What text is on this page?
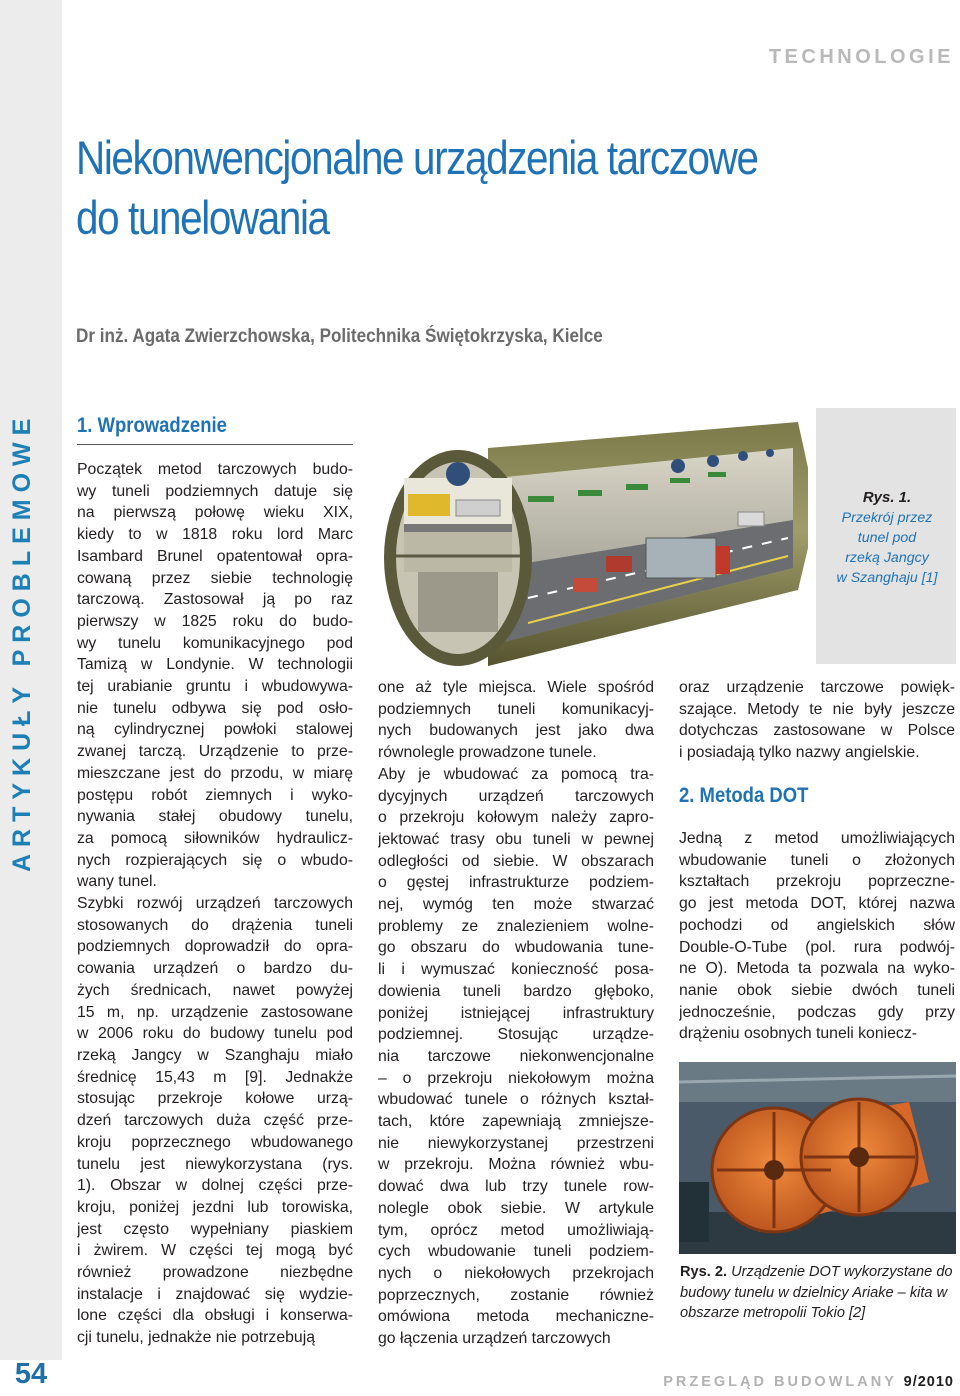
ARTYKUŁY PROBLEMOWE
54
TECHNOLOGIE
Niekonwencjonalne urządzenia tarczowe
do tunelowania
Dr inż. Agata Zwierzchowska, Politechnika Świętokrzyska, Kielce
1. Wprowadzenie
Początek metod tarczowych budo-
wy tuneli podziemnych datuje się
na pierwszą połowę wieku XIX,
kiedy to w 1818 roku lord Marc
Isambard Brunel opatentował opra-
cowaną przez siebie technologię
tarczową. Zastosował ją po raz
pierwszy w 1825 roku do budo-
wy tunelu komunikacyjnego pod
Tamizą w Londynie. W technologii
tej urabianie gruntu i wbudowywa-
nie tunelu odbywa się pod osło-
ną cylindrycznej powłoki stalowej
zwanej tarczą. Urządzenie to prze-
mieszczane jest do przodu, w miarę
postępu robót ziemnych i wyko-
nywania stałej obudowy tunelu,
za pomocą siłowników hydraulicz-
nych rozpierających się o wbudo-
wany tunel.
Szybki rozwój urządzeń tarczowych
stosowanych do drążenia tuneli
podziemnych doprowadził do opra-
cowania urządzeń o bardzo du-
żych średnicach, nawet powyżej
15 m, np. urządzenie zastosowane
w 2006 roku do budowy tunelu pod
rzeką Jangcy w Szanghaju miało
średnicę 15,43 m [9]. Jednakże
stosując przekroje kołowe urzą-
dzeń tarczowych duża część prze-
kroju poprzecznego wbudowanego
tunelu jest niewykorzystana (rys.
1). Obszar w dolnej części prze-
kroju, poniżej jezdni lub torowiska,
jest często wypełniany piaskiem
i żwirem. W części tej mogą być
również prowadzone niezbędne
instalacje i znajdować się wydzie-
lone części dla obsługi i konserwa-
cji tunelu, jednakże nie potrzebują
Rys. 1.
Przekrój przez
tunel pod
rzeką Jangcy
w Szanghaju [1]
one aż tyle miejsca. Wiele spośród
podziemnych tuneli komunikacyj-
nych budowanych jest jako dwa
równolegle prowadzone tunele.
Aby je wbudować za pomocą tra-
dycyjnych urządzeń tarczowych
o przekroju kołowym należy zapro-
jektować trasy obu tuneli w pewnej
odległości od siebie. W obszarach
o gęstej infrastrukturze podziem-
nej, wymóg ten może stwarzać
problemy ze znalezieniem wolne-
go obszaru do wbudowania tune-
li i wymuszać konieczność posa-
dowienia tuneli bardzo głęboko,
poniżej istniejącej infrastruktury
podziemnej. Stosując urządze-
nia tarczowe niekonwencjonalne
– o przekroju niekołowym można
wbudować tunele o różnych kształ-
tach, które zapewniają zmniejsze-
nie niewykorzystanej przestrzeni
w przekroju. Można również wbu-
dować dwa lub trzy tunele row-
nolegle obok siebie. W artykule
tym, oprócz metod umożliwiają-
cych wbudowanie tuneli podziem-
nych o niekołowych przekrojach
poprzecznych, zostanie również
omówiona metoda mechaniczne-
go łączenia urządzeń tarczowych
oraz urządzenie tarczowe powięk-
szające. Metody te nie były jeszcze
dotychczas zastosowane w Polsce
i posiadają tylko nazwy angielskie.
2. Metoda DOT
Jedną z metod umożliwiających
wbudowanie tuneli o złożonych
kształtach przekroju poprzeczne-
go jest metoda DOT, której nazwa
pochodzi od angielskich słów
Double-O-Tube (pol. rura podwój-
ne O). Metoda ta pozwala na wyko-
nanie obok siebie dwóch tuneli
jednocześnie, podczas gdy przy
drążeniu osobnych tuneli koniecz-
Rys. 2. Urządzenie DOT wykorzystane do budowy tunelu w dzielnicy Ariake – kita w obszarze metropolii Tokio [2]
PRZEGLĄD BUDOWLANY 9/2010
